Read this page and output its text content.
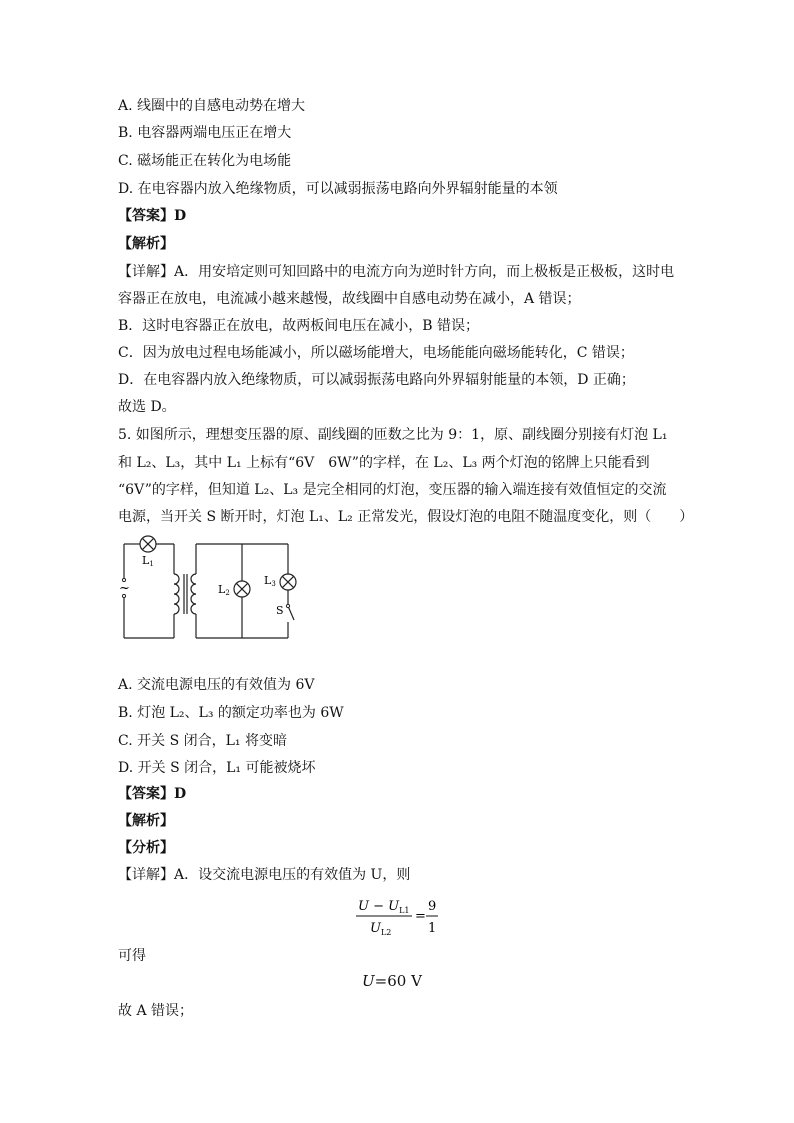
A. 线圈中的自感电动势在增大
B. 电容器两端电压正在增大
C. 磁场能正在转化为电场能
D. 在电容器内放入绝缘物质，可以减弱振荡电路向外界辐射能量的本领
【答案】D
【解析】
【详解】A．用安培定则可知回路中的电流方向为逆时针方向，而上极板是正极板，这时电
容器正在放电，电流减小越来越慢，故线圈中自感电动势在减小，A 错误；
B．这时电容器正在放电，故两板间电压在减小，B 错误；
C．因为放电过程电场能减小，所以磁场能增大，电场能能向磁场能转化，C 错误；
D．在电容器内放入绝缘物质，可以减弱振荡电路向外界辐射能量的本领，D 正确；
故选 D。
5. 如图所示，理想变压器的原、副线圈的匝数之比为 9：1，原、副线圈分别接有灯泡 L₁
和 L₂、L₃，其中 L₁ 上标有“6V　6W”的字样，在 L₂、L₃ 两个灯泡的铭牌上只能看到
“6V”的字样，但知道 L₂、L₃ 是完全相同的灯泡，变压器的输入端连接有效值恒定的交流
电源，当开关 S 断开时，灯泡 L₁、L₂ 正常发光，假设灯泡的电阻不随温度变化，则（　　）
~
L1
L2
L3
S
A. 交流电源电压的有效值为 6V
B. 灯泡 L₂、L₃ 的额定功率也为 6W
C. 开关 S 闭合，L₁ 将变暗
D. 开关 S 闭合，L₁ 可能被烧坏
【答案】D
【解析】
【分析】
【详解】A．设交流电源电压的有效值为 U，则
$U - U_{L1}$
$U_{L2}$
=
9
1
可得
U=60 V
故 A 错误；
